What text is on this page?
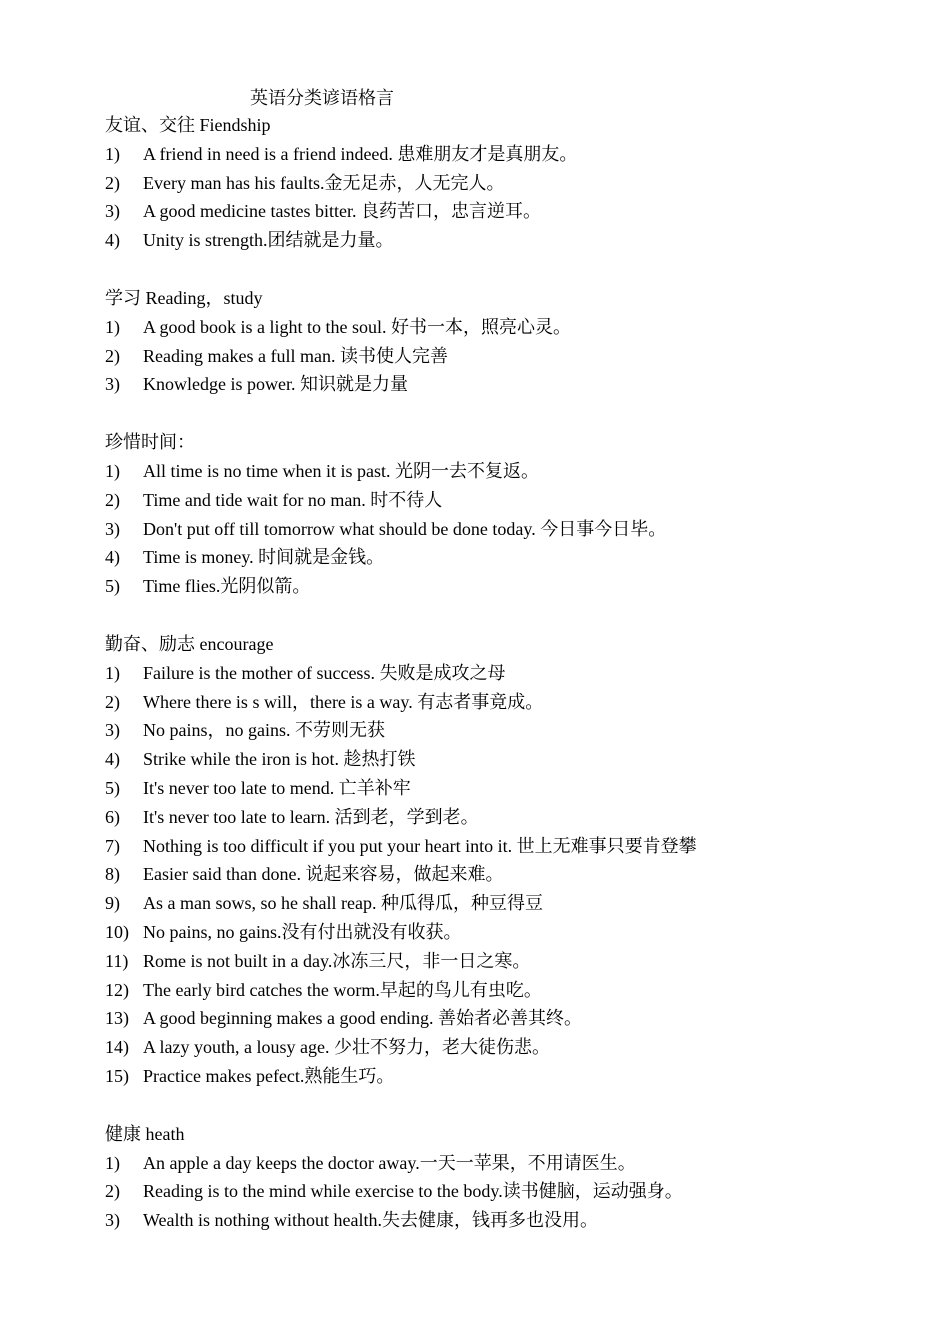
英语分类谚语格言
友谊、交往 Fiendship
1)	A friend in need is a friend indeed. 患难朋友才是真朋友。
2)	Every man has his faults.金无足赤，人无完人。
3)	A good medicine tastes bitter. 良药苦口，忠言逆耳。
4)	Unity is strength.团结就是力量。
学习 Reading，study
1)	A good book is a light to the soul. 好书一本，照亮心灵。
2)	Reading makes a full man. 读书使人完善
3)	Knowledge is power. 知识就是力量
珍惜时间：
1)	All time is no time when it is past. 光阴一去不复返。
2)	Time and tide wait for no man. 时不待人
3)	Don't put off till tomorrow what should be done today. 今日事今日毕。
4)	Time is money. 时间就是金钱。
5)	Time flies.光阴似箭。
勤奋、励志 encourage
1)	Failure is the mother of success. 失败是成攻之母
2)	Where there is s will，there is a way. 有志者事竟成。
3)	No pains，no gains. 不劳则无获
4)	Strike while the iron is hot. 趁热打铁
5)	It's never too late to mend. 亡羊补牢
6)	It's never too late to learn. 活到老，学到老。
7)	Nothing is too difficult if you put your heart into it. 世上无难事只要肯登攀
8)	Easier said than done. 说起来容易，做起来难。
9)	As a man sows, so he shall reap. 种瓜得瓜，种豆得豆
10) No pains, no gains.没有付出就没有收获。
11) Rome is not built in a day.冰冻三尺，非一日之寒。
12) The early bird catches the worm.早起的鸟儿有虫吃。
13) A good beginning makes a good ending. 善始者必善其终。
14) A lazy youth, a lousy age. 少壮不努力，老大徒伤悲。
15) Practice makes pefect.熟能生巧。
健康 heath
1)	An apple a day keeps the doctor away.一天一苹果，不用请医生。
2)	Reading is to the mind while exercise to the body.读书健脑，运动强身。
3)	Wealth is nothing without health.失去健康，钱再多也没用。
